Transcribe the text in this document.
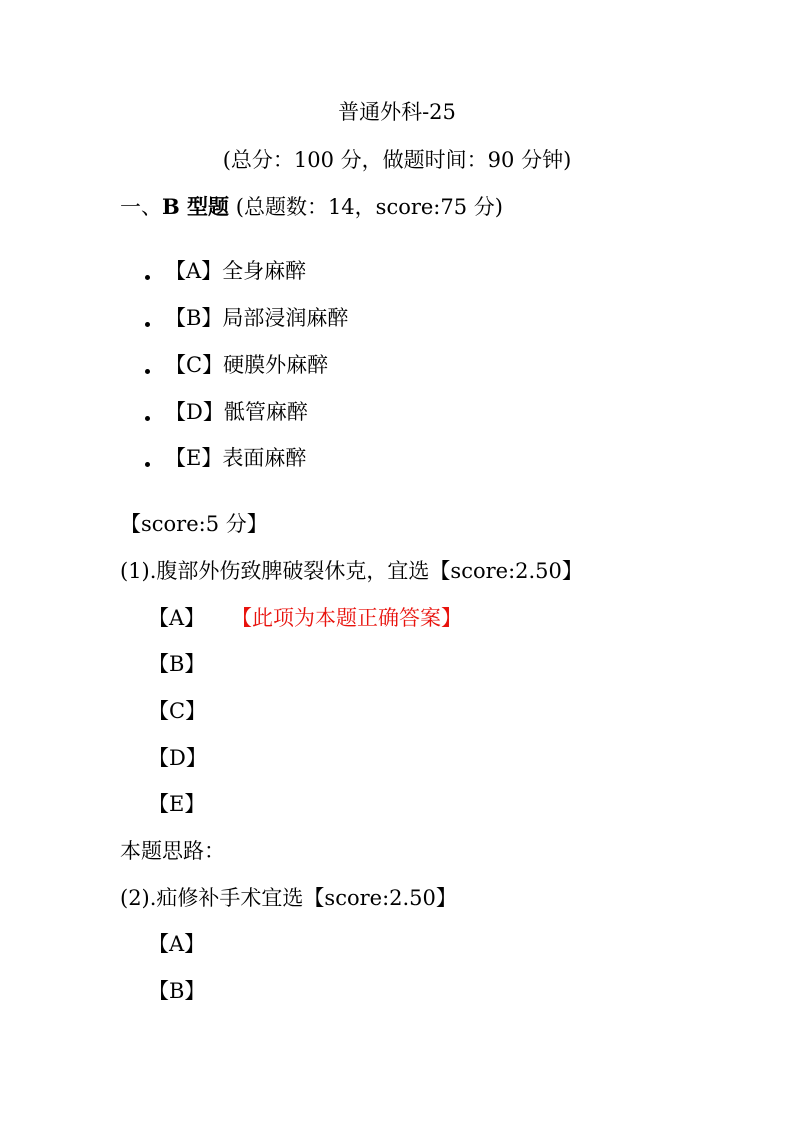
普通外科-25
(总分：100 分，做题时间：90 分钟)
一、B 型题 (总题数：14，score:75 分)
【A】全身麻醉
【B】局部浸润麻醉
【C】硬膜外麻醉
【D】骶管麻醉
【E】表面麻醉
【score:5 分】
(1).腹部外伤致脾破裂休克，宜选【score:2.50】
【A】 【此项为本题正确答案】
【B】
【C】
【D】
【E】
本题思路：
(2).疝修补手术宜选【score:2.50】
【A】
【B】
